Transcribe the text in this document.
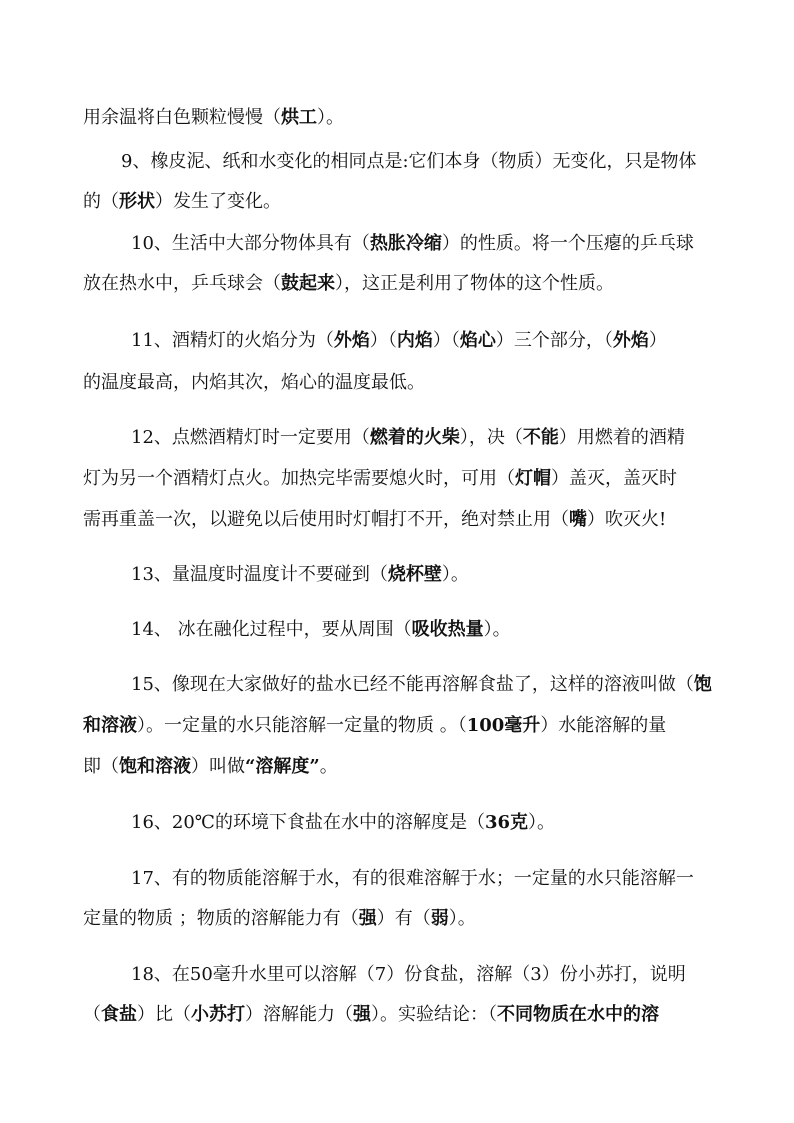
用余温将白色颗粒慢慢（烘工）。
9、橡皮泥、纸和水变化的相同点是:它们本身（物质）无变化，只是物体
的（形状）发生了变化。
10、生活中大部分物体具有（热胀冷缩）的性质。将一个压瘪的乒乓球
放在热水中，乒乓球会（鼓起来），这正是利用了物体的这个性质。
11、酒精灯的火焰分为（外焰）（内焰）（焰心）三个部分，（外焰）
的温度最高，内焰其次，焰心的温度最低。
12、点燃酒精灯时一定要用（燃着的火柴），决（不能）用燃着的酒精
灯为另一个酒精灯点火。加热完毕需要熄火时，可用（灯帽）盖灭，盖灭时
需再重盖一次，以避免以后使用时灯帽打不开，绝对禁止用（嘴）吹灭火!
13、量温度时温度计不要碰到（烧杯壁）。
14、 冰在融化过程中，要从周围（吸收热量）。
15、像现在大家做好的盐水已经不能再溶解食盐了，这样的溶液叫做（饱
和溶液）。一定量的水只能溶解一定量的物质 。（100毫升）水能溶解的量
即（饱和溶液）叫做“溶解度”。
16、20℃的环境下食盐在水中的溶解度是（36克）。
17、有的物质能溶解于水，有的很难溶解于水；一定量的水只能溶解一
定量的物质 ；物质的溶解能力有（强）有（弱）。
18、在50毫升水里可以溶解（7）份食盐，溶解（3）份小苏打，说明
（食盐）比（小苏打）溶解能力（强）。实验结论：（不同物质在水中的溶
